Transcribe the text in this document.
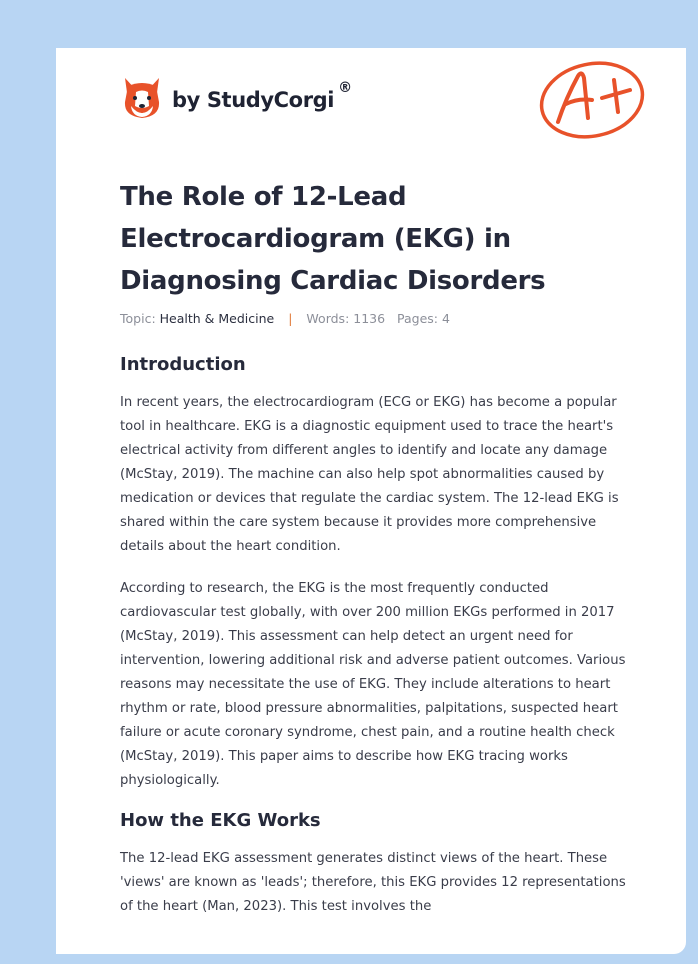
by StudyCorgi ®
The Role of 12-Lead Electrocardiogram (EKG) in Diagnosing Cardiac Disorders
Topic: Health & Medicine | Words: 1136 Pages: 4
Introduction

In recent years, the electrocardiogram (ECG or EKG) has become a popular tool in healthcare. EKG is a diagnostic equipment used to trace the heart's electrical activity from different angles to identify and locate any damage (McStay, 2019). The machine can also help spot abnormalities caused by medication or devices that regulate the cardiac system. The 12-lead EKG is shared within the care system because it provides more comprehensive details about the heart condition.

According to research, the EKG is the most frequently conducted cardiovascular test globally, with over 200 million EKGs performed in 2017 (McStay, 2019). This assessment can help detect an urgent need for intervention, lowering additional risk and adverse patient outcomes. Various reasons may necessitate the use of EKG. They include alterations to heart rhythm or rate, blood pressure abnormalities, palpitations, suspected heart failure or acute coronary syndrome, chest pain, and a routine health check (McStay, 2019). This paper aims to describe how EKG tracing works physiologically.

How the EKG Works

The 12-lead EKG assessment generates distinct views of the heart. These 'views' are known as 'leads'; therefore, this EKG provides 12 representations of the heart (Man, 2023). This test involves the
